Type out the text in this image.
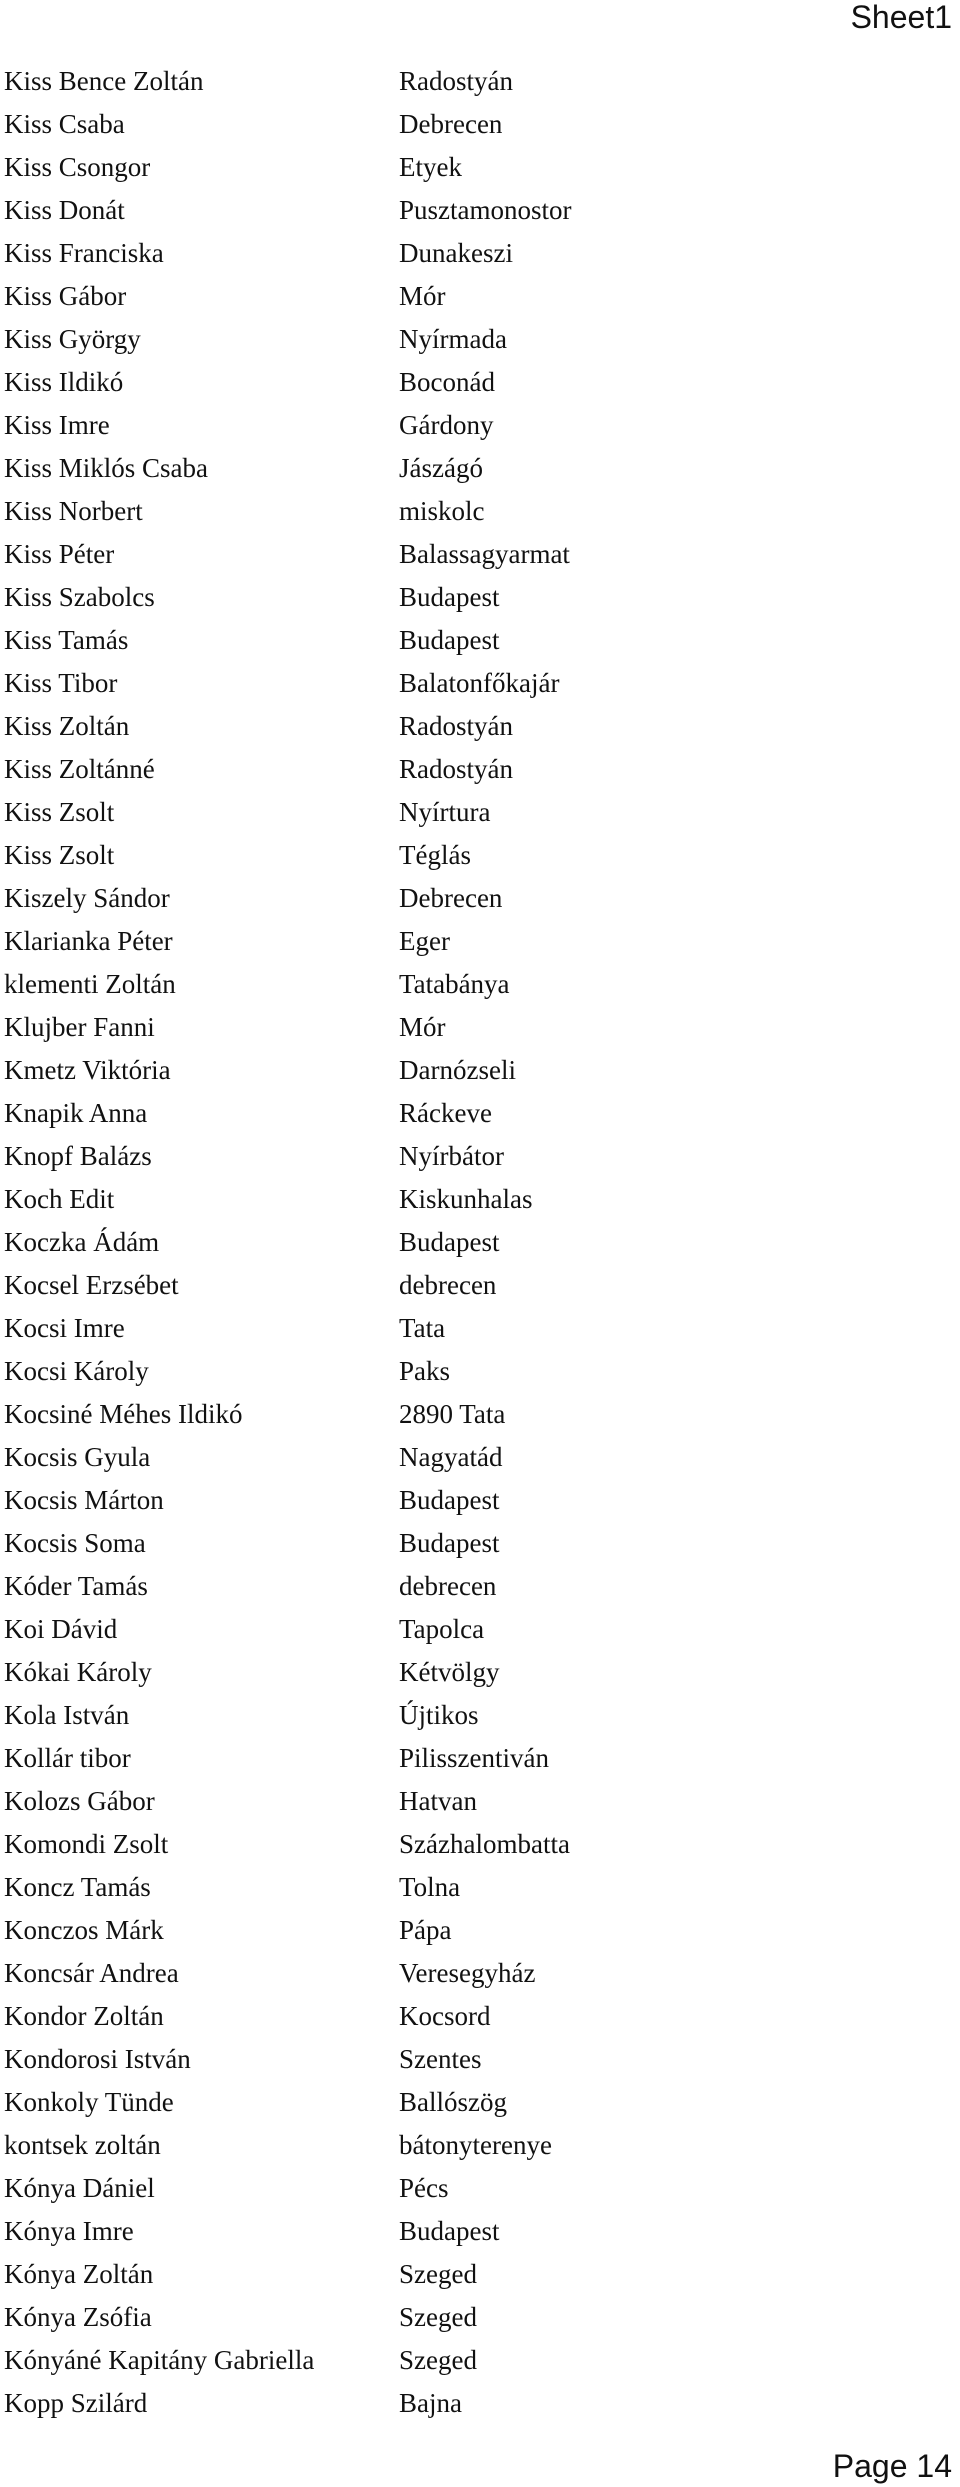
Sheet1
Kiss Bence Zoltán	Radostyán
Kiss Csaba	Debrecen
Kiss Csongor	Etyek
Kiss Donát	Pusztamonostor
Kiss Franciska	Dunakeszi
Kiss Gábor	Mór
Kiss György	Nyírmada
Kiss Ildikó	Boconád
Kiss Imre	Gárdony
Kiss Miklós Csaba	Jászágó
Kiss Norbert	miskolc
Kiss Péter	Balassagyarmat
Kiss Szabolcs	Budapest
Kiss Tamás	Budapest
Kiss Tibor	Balatonfőkajár
Kiss Zoltán	Radostyán
Kiss Zoltánné	Radostyán
Kiss Zsolt	Nyírtura
Kiss Zsolt	Téglás
Kiszely Sándor	Debrecen
Klarianka Péter	Eger
klementi Zoltán	Tatabánya
Klujber Fanni	Mór
Kmetz Viktória	Darnózseli
Knapik Anna	Ráckeve
Knopf Balázs	Nyírbátor
Koch Edit	Kiskunhalas
Koczka Ádám	Budapest
Kocsel Erzsébet	debrecen
Kocsi Imre	Tata
Kocsi Károly	Paks
Kocsiné Méhes Ildikó	2890 Tata
Kocsis Gyula	Nagyatád
Kocsis Márton	Budapest
Kocsis Soma	Budapest
Kóder Tamás	debrecen
Koi Dávid	Tapolca
Kókai Károly	Kétvölgy
Kola István	Újtikos
Kollár tibor	Pilisszentiván
Kolozs Gábor	Hatvan
Komondi Zsolt	Százhalombatta
Koncz Tamás	Tolna
Konczos Márk	Pápa
Koncsár Andrea	Veresegyház
Kondor Zoltán	Kocsord
Kondorosi István	Szentes
Konkoly Tünde	Ballószög
kontsek zoltán	bátonyterenye
Kónya Dániel	Pécs
Kónya Imre	Budapest
Kónya Zoltán	Szeged
Kónya Zsófia	Szeged
Kónyáné Kapitány Gabriella	Szeged
Kopp Szilárd	Bajna
Page 14
